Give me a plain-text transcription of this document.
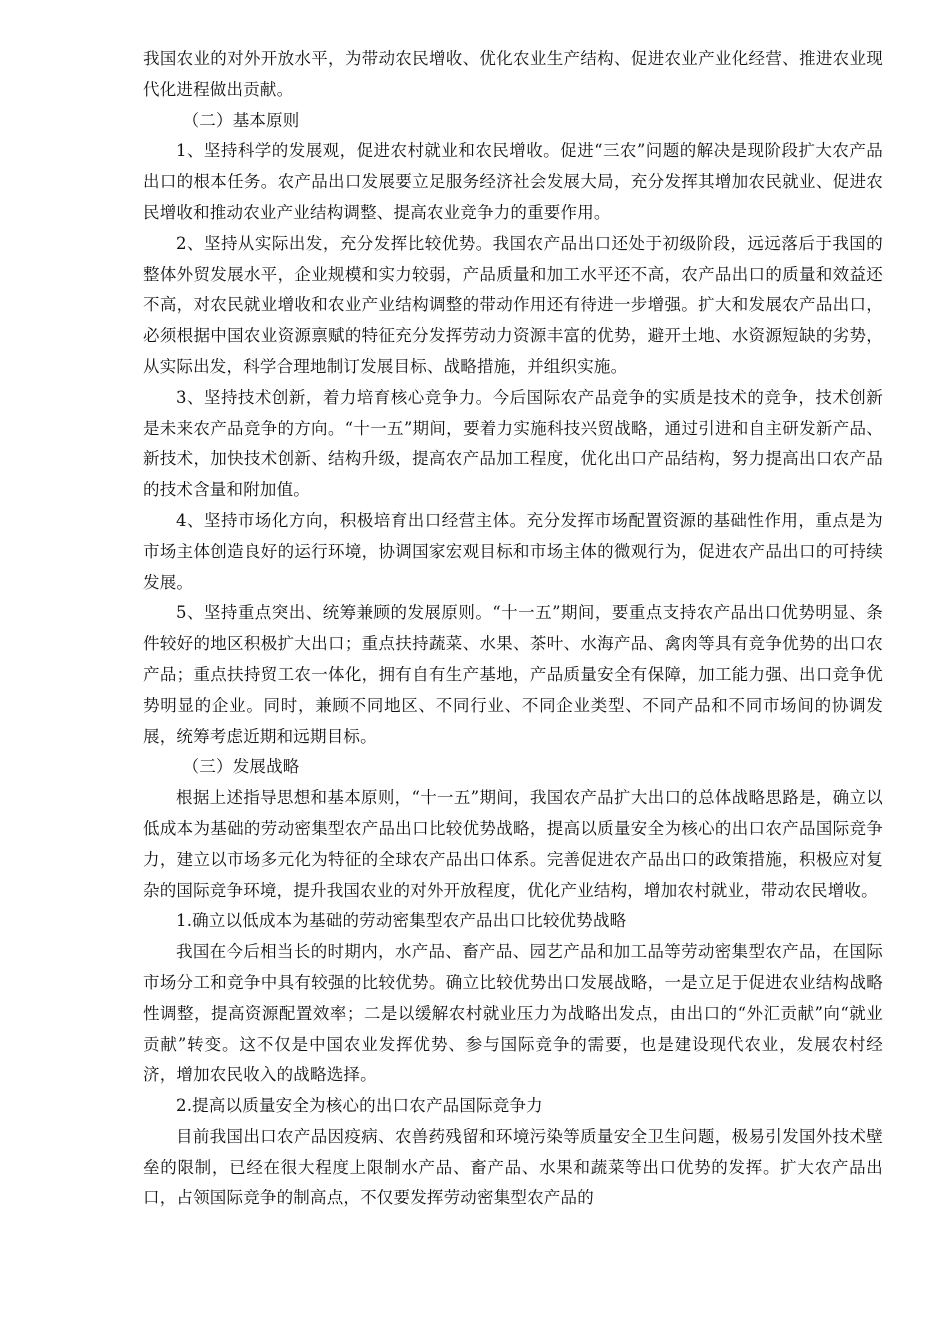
我国农业的对外开放水平，为带动农民增收、优化农业生产结构、促进农业产业化经营、推进农业现代化进程做出贡献。

（二）基本原则

1、坚持科学的发展观，促进农村就业和农民增收。促进“三农”问题的解决是现阶段扩大农产品出口的根本任务。农产品出口发展要立足服务经济社会发展大局，充分发挥其增加农民就业、促进农民增收和推动农业产业结构调整、提高农业竞争力的重要作用。

2、坚持从实际出发，充分发挥比较优势。我国农产品出口还处于初级阶段，远远落后于我国的整体外贸发展水平，企业规模和实力较弱，产品质量和加工水平还不高，农产品出口的质量和效益还不高，对农民就业增收和农业产业结构调整的带动作用还有待进一步增强。扩大和发展农产品出口，必须根据中国农业资源禀赋的特征充分发挥劳动力资源丰富的优势，避开土地、水资源短缺的劣势，从实际出发，科学合理地制订发展目标、战略措施，并组织实施。

3、坚持技术创新，着力培育核心竞争力。今后国际农产品竞争的实质是技术的竞争，技术创新是未来农产品竞争的方向。“十一五”期间，要着力实施科技兴贸战略，通过引进和自主研发新产品、新技术，加快技术创新、结构升级，提高农产品加工程度，优化出口产品结构，努力提高出口农产品的技术含量和附加值。

4、坚持市场化方向，积极培育出口经营主体。充分发挥市场配置资源的基础性作用，重点是为市场主体创造良好的运行环境，协调国家宏观目标和市场主体的微观行为，促进农产品出口的可持续发展。

5、坚持重点突出、统筹兼顾的发展原则。“十一五”期间，要重点支持农产品出口优势明显、条件较好的地区积极扩大出口；重点扶持蔬菜、水果、茶叶、水海产品、禽肉等具有竞争优势的出口农产品；重点扶持贸工农一体化，拥有自有生产基地，产品质量安全有保障，加工能力强、出口竞争优势明显的企业。同时，兼顾不同地区、不同行业、不同企业类型、不同产品和不同市场间的协调发展，统筹考虑近期和远期目标。

（三）发展战略

根据上述指导思想和基本原则，“十一五”期间，我国农产品扩大出口的总体战略思路是，确立以低成本为基础的劳动密集型农产品出口比较优势战略，提高以质量安全为核心的出口农产品国际竞争力，建立以市场多元化为特征的全球农产品出口体系。完善促进农产品出口的政策措施，积极应对复杂的国际竞争环境，提升我国农业的对外开放程度，优化产业结构，增加农村就业，带动农民增收。

1.确立以低成本为基础的劳动密集型农产品出口比较优势战略

我国在今后相当长的时期内，水产品、畜产品、园艺产品和加工品等劳动密集型农产品，在国际市场分工和竞争中具有较强的比较优势。确立比较优势出口发展战略，一是立足于促进农业结构战略性调整，提高资源配置效率；二是以缓解农村就业压力为战略出发点，由出口的“外汇贡献”向“就业贡献”转变。这不仅是中国农业发挥优势、参与国际竞争的需要，也是建设现代农业，发展农村经济，增加农民收入的战略选择。

2.提高以质量安全为核心的出口农产品国际竞争力

目前我国出口农产品因疫病、农兽药残留和环境污染等质量安全卫生问题，极易引发国外技术壁垒的限制，已经在很大程度上限制水产品、畜产品、水果和蔬菜等出口优势的发挥。扩大农产品出口，占领国际竞争的制高点，不仅要发挥劳动密集型农产品的
